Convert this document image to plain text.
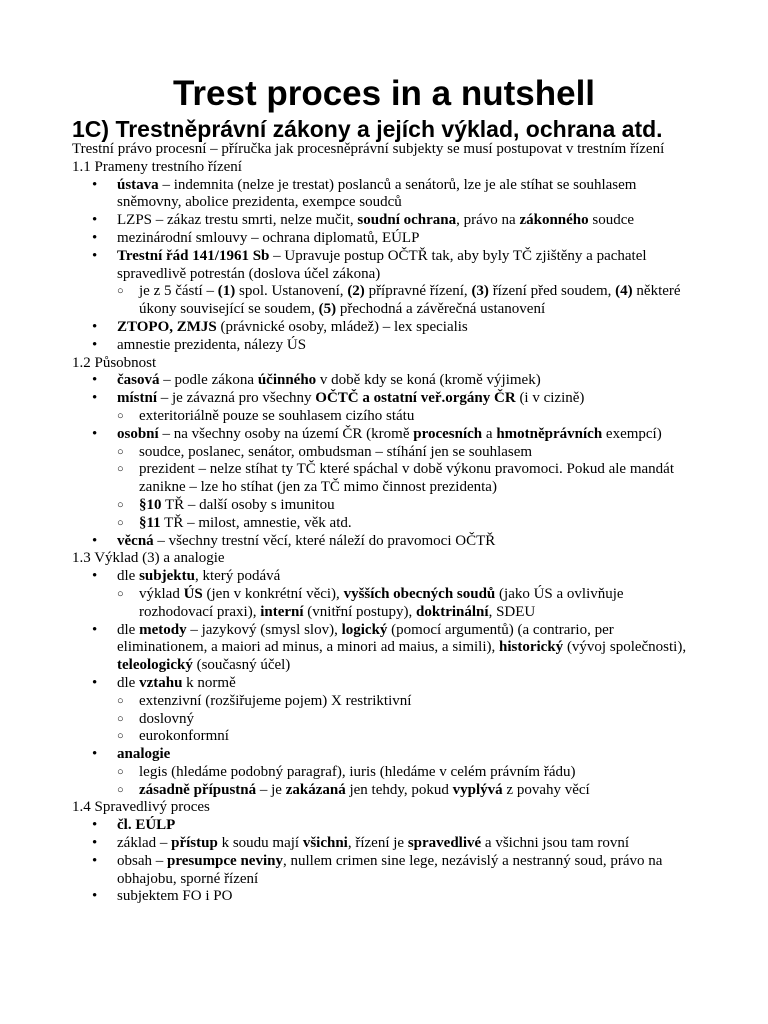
Trest proces in a nutshell
1C) Trestněprávní zákony a jejích výklad, ochrana atd.

Trestní právo procesní – příručka jak procesněprávní subjekty se musí postupovat v trestním řízení

1.1 Prameny trestního řízení

• ústava – indemnita (nelze je trestat) poslanců a senátorů, lze je ale stíhat se souhlasem sněmovny, abolice prezidenta, exempce soudců
• LZPS – zákaz trestu smrti, nelze mučit, soudní ochrana, právo na zákonného soudce
• mezinárodní smlouvy – ochrana diplomatů, EÚLP
• Trestní řád 141/1961 Sb – Upravuje postup OČTŘ tak, aby byly TČ zjištěny a pachatel spravedlivě potrestán (doslova účel zákona)
○ je z 5 částí – (1) spol. Ustanovení, (2) přípravné řízení, (3) řízení před soudem, (4) některé úkony související se soudem, (5) přechodná a závěrečná ustanovení
• ZTOPO, ZMJS (právnické osoby, mládež) – lex specialis
• amnestie prezidenta, nálezy ÚS

1.2 Působnost

• časová – podle zákona účinného v době kdy se koná (kromě výjimek)
• místní – je závazná pro všechny OČTČ a ostatní veř.orgány ČR (i v cizině)
○ exteritoriálně pouze se souhlasem cizího státu
• osobní – na všechny osoby na území ČR (kromě procesních a hmotněprávních exempcí)
○ soudce, poslanec, senátor, ombudsman – stíhání jen se souhlasem
○ prezident – nelze stíhat ty TČ které spáchal v době výkonu pravomoci. Pokud ale mandát zanikne – lze ho stíhat (jen za TČ mimo činnost prezidenta)
○ §10 TŘ – další osoby s imunitou
○ §11 TŘ – milost, amnestie, věk atd.
• věcná – všechny trestní věcí, které náleží do pravomoci OČTŘ

1.3 Výklad (3) a analogie

• dle subjektu, který podává
○ výklad ÚS (jen v konkrétní věci), vyšších obecných soudů (jako ÚS a ovlivňuje rozhodovací praxi), interní (vnitřní postupy), doktrinální, SDEU
• dle metody – jazykový (smysl slov), logický (pomocí argumentů) (a contrario, per eliminationem, a maiori ad minus, a minori ad maius, a simili), historický (vývoj společnosti), teleologický (současný účel)
• dle vztahu k normě
○ extenzivní (rozšiřujeme pojem) X restriktivní
○ doslovný
○ eurokonformní
• analogie
○ legis (hledáme podobný paragraf), iuris (hledáme v celém právním řádu)
○ zásadně přípustná – je zakázaná jen tehdy, pokud vyplývá z povahy věcí

1.4 Spravedlivý proces

• čl. EÚLP
• základ – přístup k soudu mají všichni, řízení je spravedlivé a všichni jsou tam rovní
• obsah – presumpce neviny, nullem crimen sine lege, nezávislý a nestranný soud, právo na obhajobu, sporné řízení
• subjektem FO i PO
